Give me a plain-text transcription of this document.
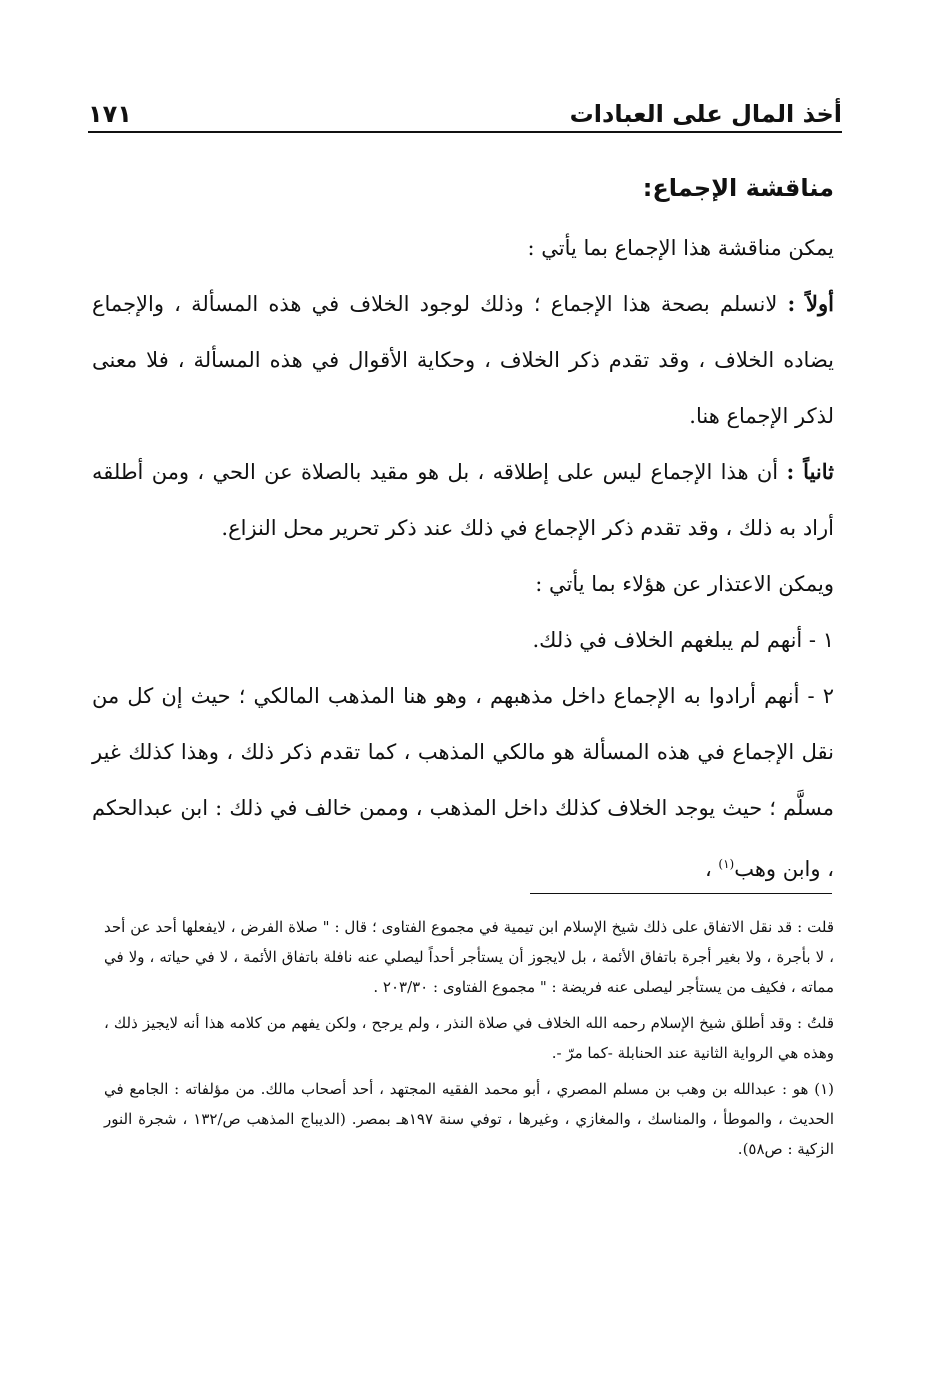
أخذ المال على العبادات
١٧١
مناقشة الإجماع:

يمكن مناقشة هذا الإجماع بما يأتي :

أولاً : لانسلم بصحة هذا الإجماع ؛ وذلك لوجود الخلاف في هذه المسألة ، والإجماع يضاده الخلاف ، وقد تقدم ذكر الخلاف ، وحكاية الأقوال في هذه المسألة ، فلا معنى لذكر الإجماع هنا.

ثانياً : أن هذا الإجماع ليس على إطلاقه ، بل هو مقيد بالصلاة عن الحي ، ومن أطلقه أراد به ذلك ، وقد تقدم ذكر الإجماع في ذلك عند ذكر تحرير محل النزاع.

ويمكن الاعتذار عن هؤلاء بما يأتي :

١ - أنهم لم يبلغهم الخلاف في ذلك.

٢ - أنهم أرادوا به الإجماع داخل مذهبهم ، وهو هنا المذهب المالكي ؛ حيث إن كل من نقل الإجماع في هذه المسألة هو مالكي المذهب ، كما تقدم ذكر ذلك ، وهذا كذلك غير مسلَّم ؛ حيث يوجد الخلاف كذلك داخل المذهب ، وممن خالف في ذلك : ابن عبدالحكم ، وابن وهب$^{(١)}$ ،

قلت : قد نقل الاتفاق على ذلك شيخ الإسلام ابن تيمية في مجموع الفتاوى ؛ قال : " صلاة الفرض ، لايفعلها أحد عن أحد ، لا بأجرة ، ولا بغير أجرة باتفاق الأئمة ، بل لايجوز أن يستأجر أحداً ليصلي عنه نافلة باتفاق الأئمة ، لا في حياته ، ولا في مماته ، فكيف من يستأجر ليصلى عنه فريضة : " مجموع الفتاوى : ٢٠٣/٣٠ .

قلتُ : وقد أطلق شيخ الإسلام رحمه الله الخلاف في صلاة النذر ، ولم يرجح ، ولكن يفهم من كلامه هذا أنه لايجيز ذلك ، وهذه هي الرواية الثانية عند الحنابلة -كما مرّ -.

(١) هو : عبدالله بن وهب بن مسلم المصري ، أبو محمد الفقيه المجتهد ، أحد أصحاب مالك. من مؤلفاته : الجامع في الحديث ، والموطأ ، والمناسك ، والمغازي ، وغيرها ، توفي سنة ١٩٧هـ بمصر. (الديباج المذهب ص/١٣٢ ، شجرة النور الزكية : ص٥٨).
